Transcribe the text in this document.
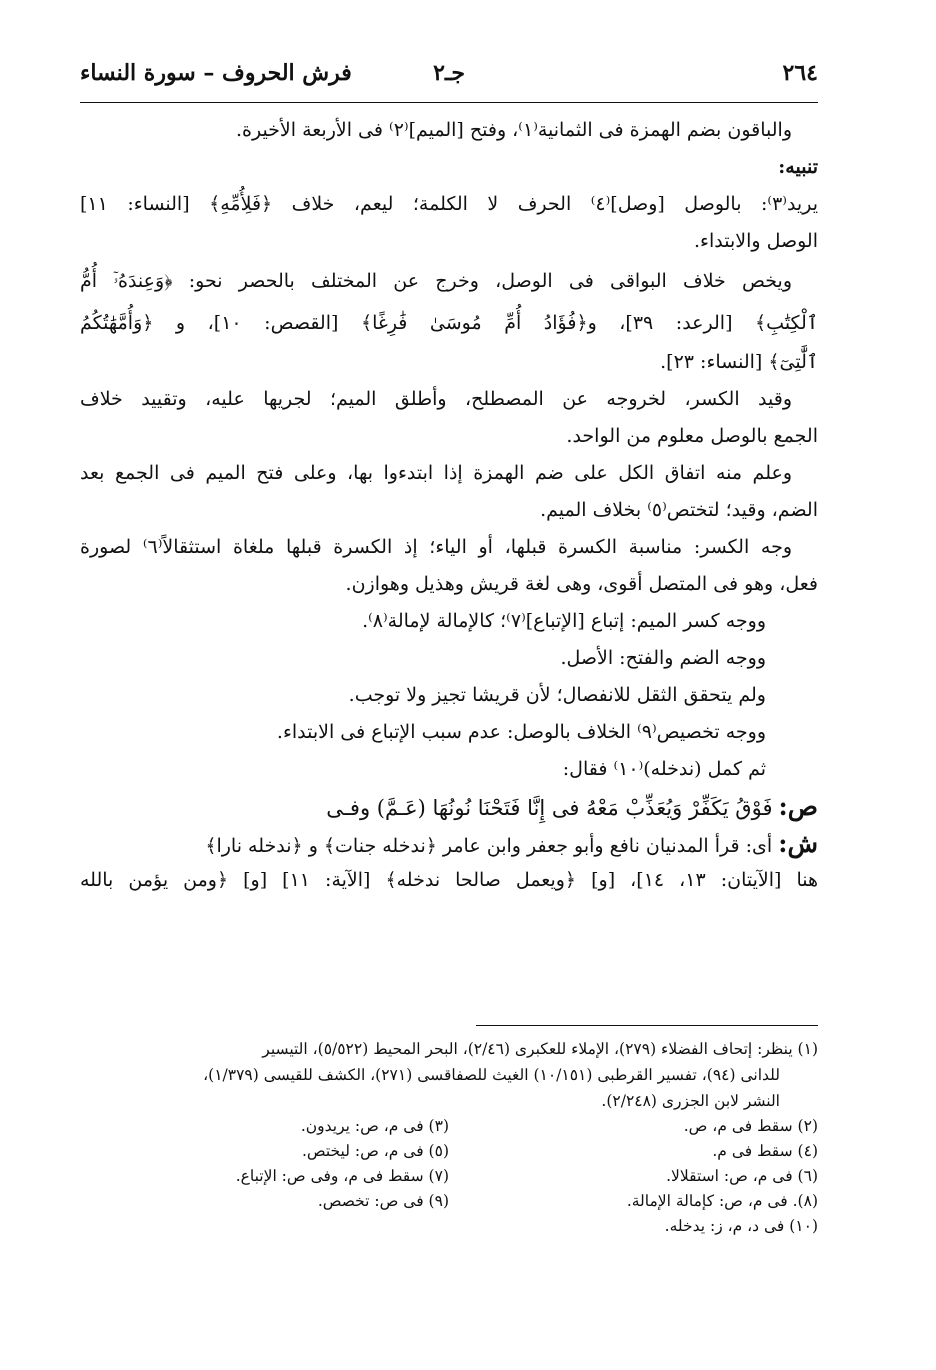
٢٦٤
جـ٢
فرش الحروف – سورة النساء
والباقون بضم الهمزة فى الثمانية⁽١⁾، وفتح [الميم]⁽٢⁾ فى الأربعة الأخيرة.
تنبيه:
يريد⁽٣⁾: بالوصل [وصل]⁽٤⁾ الحرف لا الكلمة؛ ليعم، خلاف ﴿فَلِأُمِّهِ﴾ [النساء: ١١]
الوصل والابتداء.
ويخص خلاف البواقى فى الوصل، وخرج عن المختلف بالحصر نحو: ﴿وَعِندَهُۥٓ أُمُّ
ٱلْكِتَٰبِ﴾ [الرعد: ٣٩]، و﴿فُؤَادُ أُمِّ مُوسَىٰ فَٰرِغًا﴾ [القصص: ١٠]، و ﴿وَأُمَّهَٰتُكُمُ
ٱلَّٰتِىٓ﴾ [النساء: ٢٣].
وقيد الكسر، لخروجه عن المصطلح، وأطلق الميم؛ لجريها عليه، وتقييد خلاف
الجمع بالوصل معلوم من الواحد.
وعلم منه اتفاق الكل على ضم الهمزة إذا ابتدءوا بها، وعلى فتح الميم فى الجمع بعد
الضم، وقيد؛ لتختص⁽٥⁾ بخلاف الميم.
وجه الكسر: مناسبة الكسرة قبلها، أو الياء؛ إذ الكسرة قبلها ملغاة استثقالاً⁽٦⁾ لصورة
فعل، وهو فى المتصل أقوى، وهى لغة قريش وهذيل وهوازن.
ووجه كسر الميم: إتباع [الإتباع]⁽٧⁾؛ كالإمالة لإمالة⁽٨⁾.
ووجه الضم والفتح: الأصل.
ولم يتحقق الثقل للانفصال؛ لأن قريشا تجيز ولا توجب.
ووجه تخصيص⁽٩⁾ الخلاف بالوصل: عدم سبب الإتباع فى الابتداء.
ثم كمل (ندخله)⁽١٠⁾ فقال:
ص: فَوْقُ يَكَفِّرْ وَيُعَذِّبْ مَعْهُ فى إِنَّا فَتَحْنَا نُونُهَا (عَـمَّ) وفـى
ش: أى: قرأ المدنيان نافع وأبو جعفر وابن عامر ﴿ندخله جنات﴾ و ﴿ندخله نارا﴾
هنا [الآيتان: ١٣، ١٤]، [و] ﴿ويعمل صالحا ندخله﴾ [الآية: ١١] [و] ﴿ومن يؤمن بالله
(١) ينظر: إتحاف الفضلاء (٢٧٩)، الإملاء للعكبرى (٢/٤٦)، البحر المحيط (٥/٥٢٢)، التيسير
للدانى (٩٤)، تفسير القرطبى (١٠/١٥١) الغيث للصفاقسى (٢٧١)، الكشف للقيسى (١/٣٧٩)،
النشر لابن الجزرى (٢/٢٤٨).
(٢) سقط فى م، ص.
(٣) فى م، ص: يريدون.
(٤) سقط فى م.
(٥) فى م، ص: ليختص.
(٦) فى م، ص: استقلالا.
(٧) سقط فى م، وفى ص: الإتباع.
(٨). فى م، ص: كإمالة الإمالة.
(٩) فى ص: تخصص.
(١٠) فى د، م، ز: يدخله.
